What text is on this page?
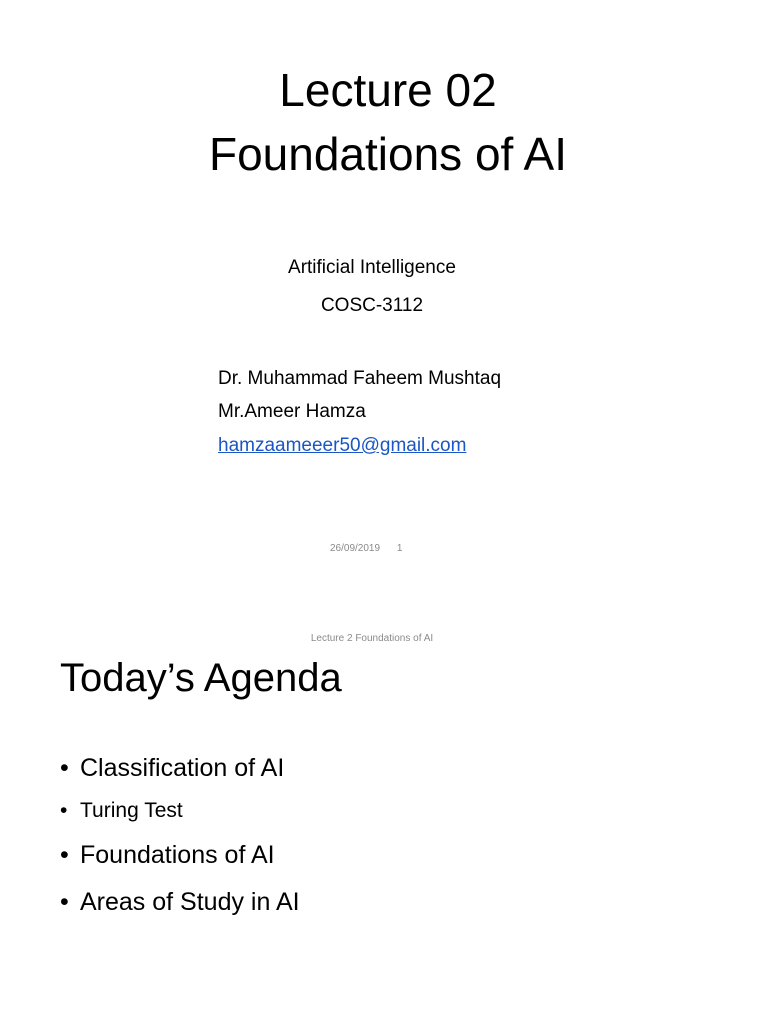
Lecture 02
Foundations of AI
Artificial Intelligence
COSC-3112
Dr. Muhammad Faheem Mushtaq
Mr.Ameer Hamza
hamzaameeer50@gmail.com
26/09/2019 1
Lecture 2 Foundations of AI
Today’s Agenda
• Classification of AI
• Turing Test
• Foundations of AI
• Areas of Study in AI
